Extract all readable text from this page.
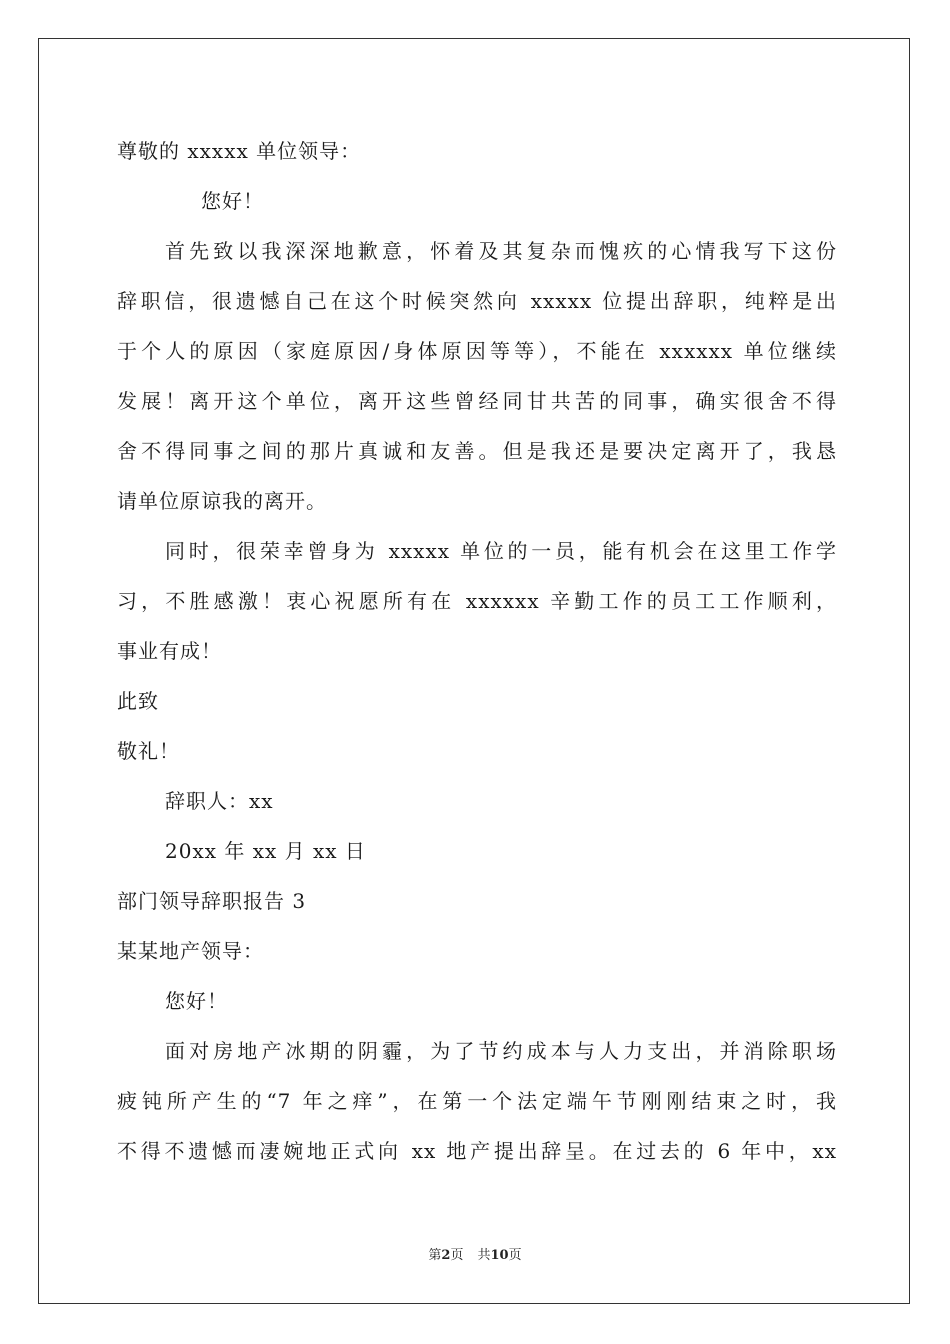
尊敬的 xxxxx 单位领导：
您好！
首先致以我深深地歉意，怀着及其复杂而愧疚的心情我写下这份
辞职信，很遗憾自己在这个时候突然向 xxxxx 位提出辞职，纯粹是出
于个人的原因（家庭原因/身体原因等等），不能在 xxxxxx 单位继续
发展！离开这个单位，离开这些曾经同甘共苦的同事，确实很舍不得
舍不得同事之间的那片真诚和友善。但是我还是要决定离开了，我恳
请单位原谅我的离开。
同时，很荣幸曾身为 xxxxx 单位的一员，能有机会在这里工作学
习，不胜感激！衷心祝愿所有在 xxxxxx 辛勤工作的员工工作顺利，
事业有成！
此致
敬礼！
辞职人：xx
20xx 年 xx 月 xx 日
部门领导辞职报告 3
某某地产领导：
您好！
面对房地产冰期的阴霾，为了节约成本与人力支出，并消除职场
疲钝所产生的“7 年之痒”，在第一个法定端午节刚刚结束之时，我
不得不遗憾而凄婉地正式向 xx 地产提出辞呈。在过去的 6 年中，xx
第2页 共10页
